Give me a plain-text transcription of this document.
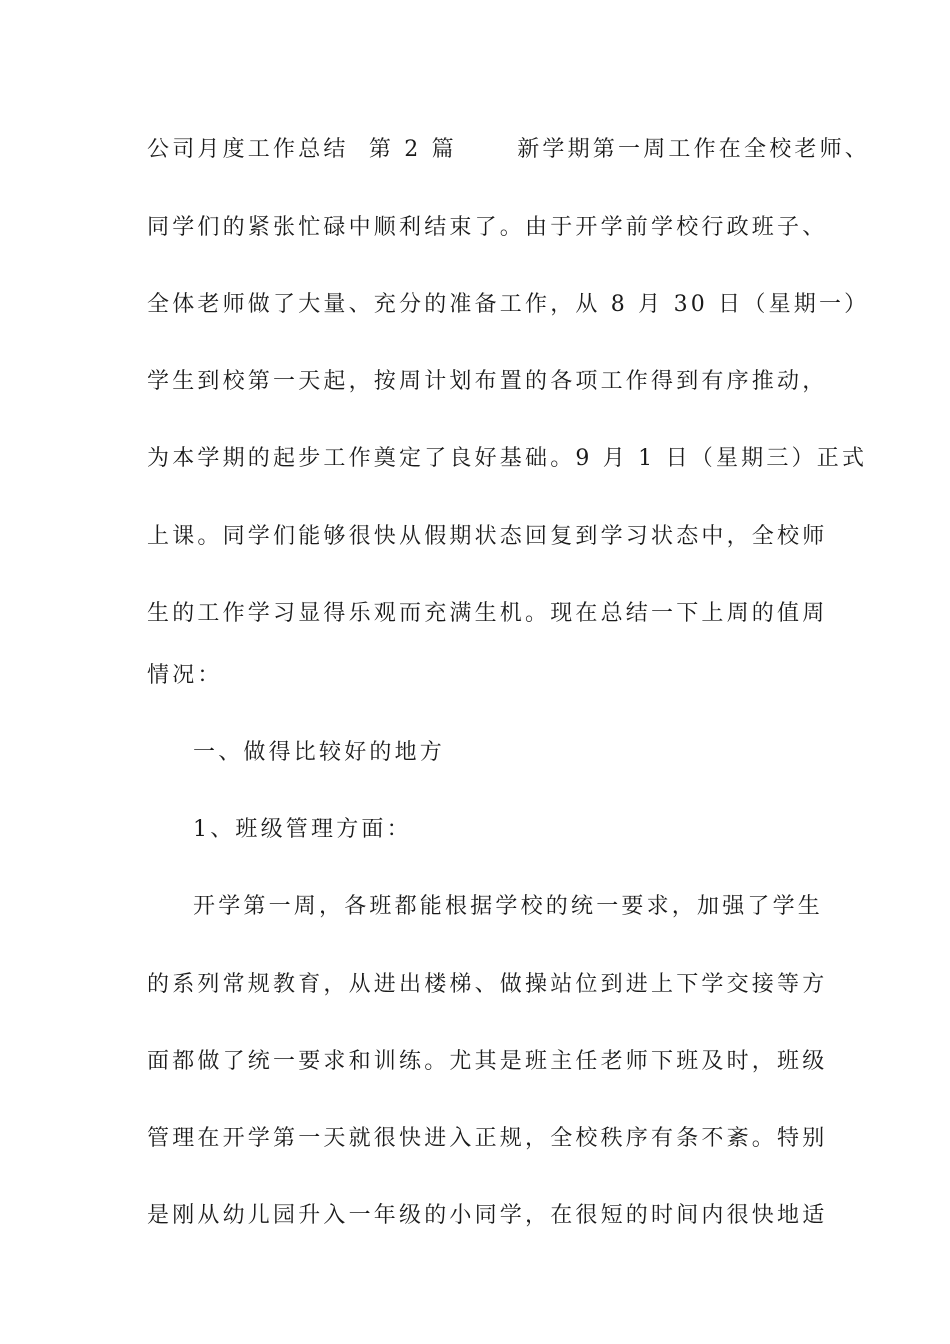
公司月度工作总结 第 2 篇	新学期第一周工作在全校老师、
同学们的紧张忙碌中顺利结束了。由于开学前学校行政班子、
全体老师做了大量、充分的准备工作，从 8 月 30 日（星期一）
学生到校第一天起，按周计划布置的各项工作得到有序推动，
为本学期的起步工作奠定了良好基础。9 月 1 日（星期三）正式
上课。同学们能够很快从假期状态回复到学习状态中，全校师
生的工作学习显得乐观而充满生机。现在总结一下上周的值周
情况：
一、做得比较好的地方
1、班级管理方面：
开学第一周，各班都能根据学校的统一要求，加强了学生
的系列常规教育，从进出楼梯、做操站位到进上下学交接等方
面都做了统一要求和训练。尤其是班主任老师下班及时，班级
管理在开学第一天就很快进入正规，全校秩序有条不紊。特别
是刚从幼儿园升入一年级的小同学，在很短的时间内很快地适
